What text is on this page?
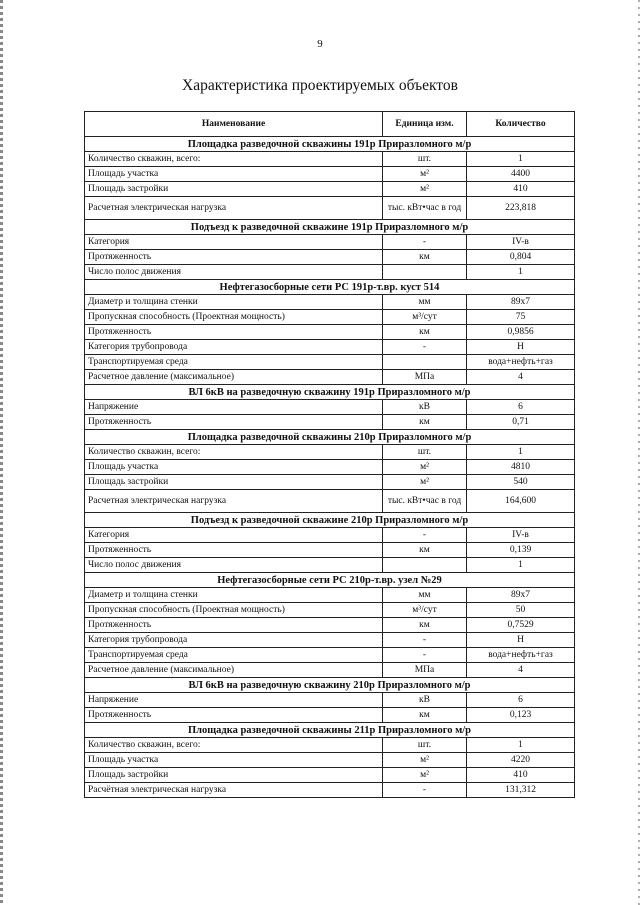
9
Характеристика проектируемых объектов
Наименование	Единица изм.	Количество
Площадка разведочной скважины 191р Приразломного м/р		
Количество скважин, всего:	шт.	1
Площадь участка	м²	4400
Площадь застройки	м²	410
Расчетная электрическая нагрузка	тыс. кВт•час в год	223,818
Подъезд к разведочной скважине 191р Приразломного м/р		
Категория	-	IV-в
Протяженность	км	0,804
Число полос движения		1
Нефтегазосборные сети РС 191р-т.вр. куст 514		
Диаметр и толщина стенки	мм	89х7
Пропускная способность (Проектная мощность)	м³/сут	75
Протяженность	км	0,9856
Категория трубопровода	-	Н
Транспортируемая среда		вода+нефть+газ
Расчетное давление (максимальное)	МПа	4
ВЛ 6кВ на разведочную скважину 191р Приразломного м/р		
Напряжение	кВ	6
Протяженность	км	0,71
Площадка разведочной скважины 210р Приразломного м/р		
Количество скважин, всего:	шт.	1
Площадь участка	м²	4810
Площадь застройки	м²	540
Расчетная электрическая нагрузка	тыс. кВт•час в год	164,600
Подъезд к разведочной скважине 210р Приразломного м/р		
Категория	-	IV-в
Протяженность	км	0,139
Число полос движения		1
Нефтегазосборные сети РС 210р-т.вр. узел №29		
Диаметр и толщина стенки	мм	89х7
Пропускная способность (Проектная мощность)	м³/сут	50
Протяженность	км	0,7529
Категория трубопровода	-	Н
Транспортируемая среда	-	вода+нефть+газ
Расчетное давление (максимальное)	МПа	4
ВЛ 6кВ на разведочную скважину 210р Приразломного м/р		
Напряжение	кВ	6
Протяженность	км	0,123
Площадка разведочной скважины 211р Приразломного м/р		
Количество скважин, всего:	шт.	1
Площадь участка	м²	4220
Площадь застройки	м²	410
Расчётная электрическая нагрузка	-	131,312
